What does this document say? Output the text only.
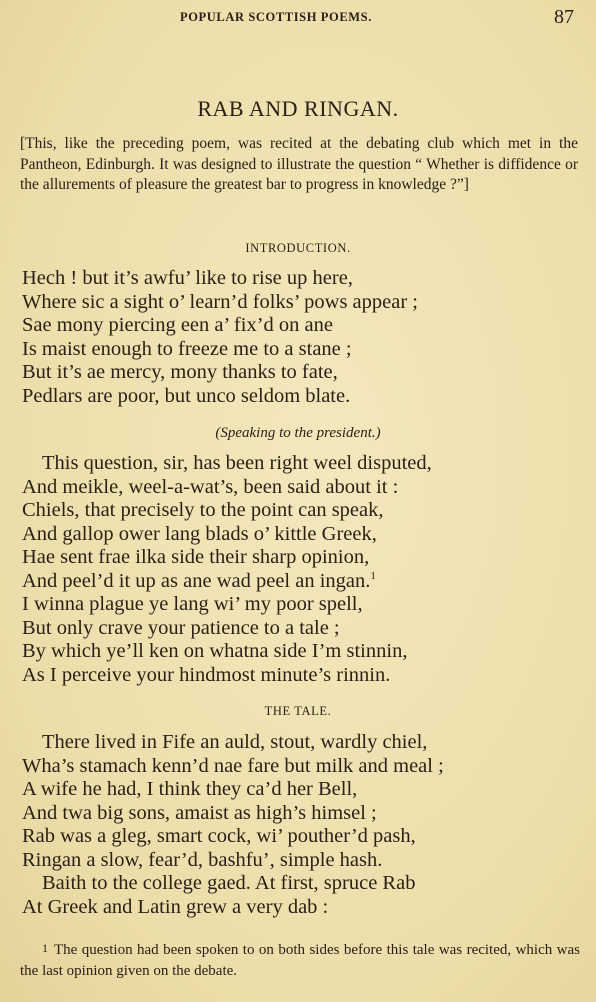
POPULAR SCOTTISH POEMS.	87
RAB AND RINGAN.
[This, like the preceding poem, was recited at the debating club which met in the Pantheon, Edinburgh. It was designed to illustrate the question “ Whether is diffidence or the allurements of pleasure the greatest bar to progress in knowledge ?”]
INTRODUCTION.
Hech ! but it’s awfu’ like to rise up here,
Where sic a sight o’ learn’d folks’ pows appear ;
Sae mony piercing een a’ fix’d on ane
Is maist enough to freeze me to a stane ;
But it’s ae mercy, mony thanks to fate,
Pedlars are poor, but unco seldom blate.
(Speaking to the president.)
This question, sir, has been right weel disputed,
And meikle, weel-a-wat’s, been said about it :
Chiels, that precisely to the point can speak,
And gallop ower lang blads o’ kittle Greek,
Hae sent frae ilka side their sharp opinion,
And peel’d it up as ane wad peel an ingan.$^1$
I winna plague ye lang wi’ my poor spell,
But only crave your patience to a tale ;
By which ye’ll ken on whatna side I’m stinnin,
As I perceive your hindmost minute’s rinnin.
THE TALE.
There lived in Fife an auld, stout, wardly chiel,
Wha’s stamach kenn’d nae fare but milk and meal ;
A wife he had, I think they ca’d her Bell,
And twa big sons, amaist as high’s himsel ;
Rab was a gleg, smart cock, wi’ pouther’d pash,
Ringan a slow, fear’d, bashfu’, simple hash.
Baith to the college gaed. At first, spruce Rab
At Greek and Latin grew a very dab :
1 The question had been spoken to on both sides before this tale was recited, which was the last opinion given on the debate.
